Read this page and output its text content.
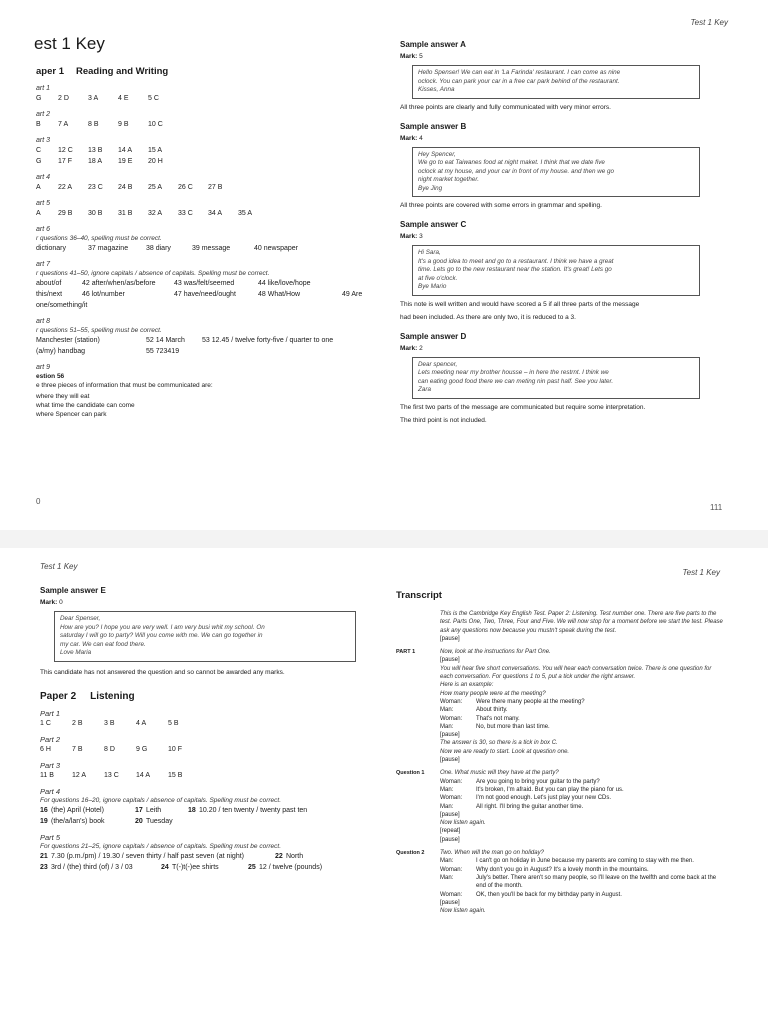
Test 1 Key
est 1 Key
aper 1 Reading and Writing
art 1
G 2 D	3 A	4 E	5 C
art 2
B 7 A	8 B	9 B	10 C
art 3
C 12 C 13 B 14 A 15 A
G 17 F 18 A 19 E 20 H
art 4
A 22 A 23 C 24 B 25 A 26 C 27 B
art 5
A 29 B 30 B 31 B 32 A 33 C 34 A 35 A
art 6
r questions 36–40, spelling must be correct.
dictionary	37 magazine	38 diary	39 message	40 newspaper
art 7
r questions 41–50, ignore capitals / absence of capitals. Spelling must be correct.
about/of	42 after/when/as/before	43 was/felt/seemed	44 like/love/hope
this/next	46 lot/number	47 have/need/ought	48 What/How	49 Are
one/something/it
art 8
r questions 51–55, spelling must be correct.
Manchester (station)	52 14 March 53 12.45 / twelve forty-five / quarter to one
(a/my) handbag	55 723419
art 9
estion 56
e three pieces of information that must be communicated are:
where they will eat
what time the candidate can come
where Spencer can park
0
Sample answer A
Mark: 5
Hello Spenser! We can eat in 'La Farinda' restaurant. I can come as nine
oclock. You can park your car in a free car park behind of the restaurant.
Kisses, Anna
All three points are clearly and fully communicated with very minor errors.
Sample answer B
Mark: 4
Hey Spencer,
We go to eat Taiwanes food at night maket. I think that we date five
oclock at my house, and your car in front of my house. and then we go
night market together.
Bye Jing
All three points are covered with some errors in grammar and spelling.
Sample answer C
Mark: 3
Hi Sara,
It's a good idea to meet and go to a restaurant. I think we have a great
time. Lets go to the new restaurant near the station. It's great! Lets go
at five o'clock.
Bye Mario
This note is well written and would have scored a 5 if all three parts of the message
had been included. As there are only two, it is reduced to a 3.
Sample answer D
Mark: 2
Dear spencer,
Lets meeting near my brother housse – in here the restrnt. I think we
can eating good food there we can meting nin past half. See you later.
Zara
The first two parts of the message are communicated but require some interpretation.
The third point is not included.
111
Test 1 Key
Test 1 Key
Sample answer E
Mark: 0
Dear Spenser,
How are you? I hope you are very well. I am very busi whit my school. On
saturday I will go to party? Will you come with me. We can go together in
my car. We can eat food there.
Love Maria
This candidate has not answered the question and so cannot be awarded any marks.
Paper 2 Listening
Part 1
1 C	2 B	3 B	4 A	5 B
Part 2
6 H	7 B	8 D	9 G	10 F
Part 3
11 B	12 A	13 C 14 A	15 B
Part 4
For questions 16–20, ignore capitals / absence of capitals. Spelling must be correct.
16 (the) April (Hotel)	17 Leith	18 10.20 / ten twenty / twenty past ten
19 (the/a/lan's) book	20 Tuesday
Part 5
For questions 21–25, ignore capitals / absence of capitals. Spelling must be correct.
21 7.30 (p.m./pm) / 19.30 / seven thirty / half past seven (at night)	22 North
23 3rd / (the) third (of) / 3 / 03	24 T(-)t(-)ee shirts	25 12 / twelve (pounds)
Transcript
This is the Cambridge Key English Test. Paper 2: Listening. Test number one. There are five parts to the test. Parts One, Two, Three, Four and Five. We will now stop for a moment before we start the test. Please ask any questions now because you mustn't speak during the test.
[pause]
PART 1	Now, look at the instructions for Part One.
[pause]
You will hear five short conversations. You will hear each conversation twice. There is one question for each conversation. For questions 1 to 5, put a tick under the right answer.
Here is an example:
How many people were at the meeting?
Woman:	Were there many people at the meeting?
Man:	About thirty.
Woman:	That's not many.
Man:	No, but more than last time.
[pause]
The answer is 30, so there is a tick in box C.
Now we are ready to start. Look at question one.
[pause]
Question 1	One. What music will they have at the party?
Woman:	Are you going to bring your guitar to the party?
Man:	It's broken, I'm afraid. But you can play the piano for us.
Woman:	I'm not good enough. Let's just play your new CDs.
Man:	All right. I'll bring the guitar another time.
[pause]
Now listen again.
[repeat]
[pause]
Question 2	Two. When will the man go on holiday?
Man:	I can't go on holiday in June because my parents are coming to stay with me then.
Woman:	Why don't you go in August? It's a lovely month in the mountains.
Man:	July's better. There aren't so many people, so I'll leave on the twelfth and come back at the end of the month.
Woman:	OK, then you'll be back for my birthday party in August.
[pause]
Now listen again.
